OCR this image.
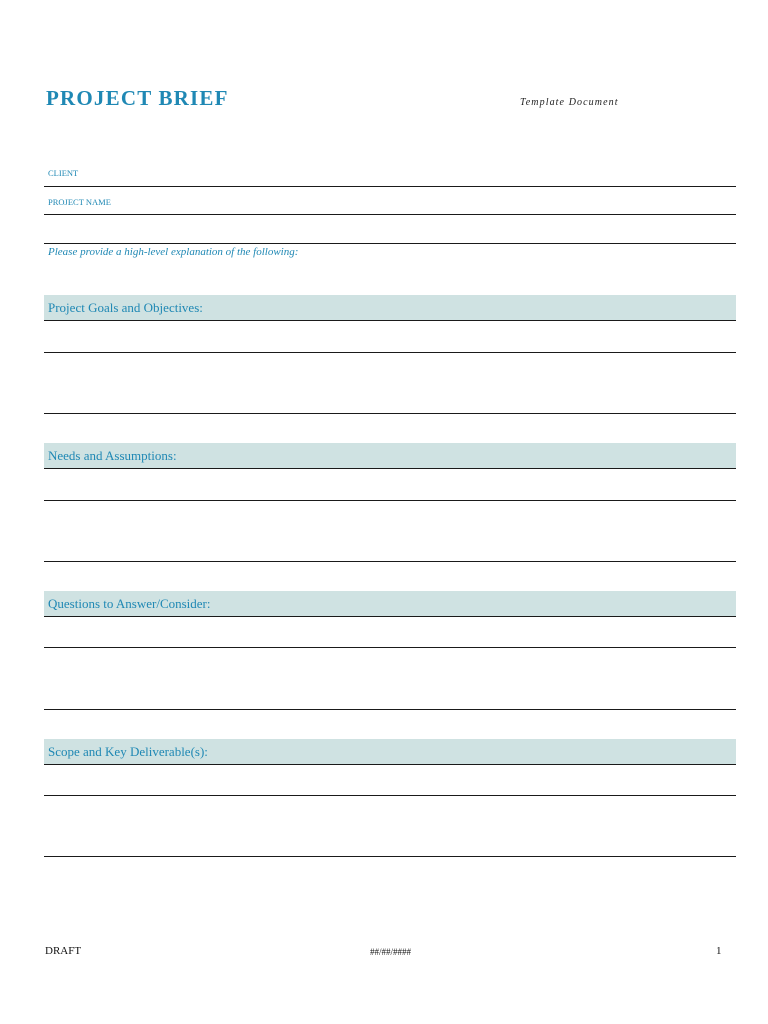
PROJECT BRIEF	Template Document
CLIENT
PROJECT NAME
Please provide a high-level explanation of the following:
Project Goals and Objectives:
Needs and Assumptions:
Questions to Answer/Consider:
Scope and Key Deliverable(s):
DRAFT	##/##/####	1
